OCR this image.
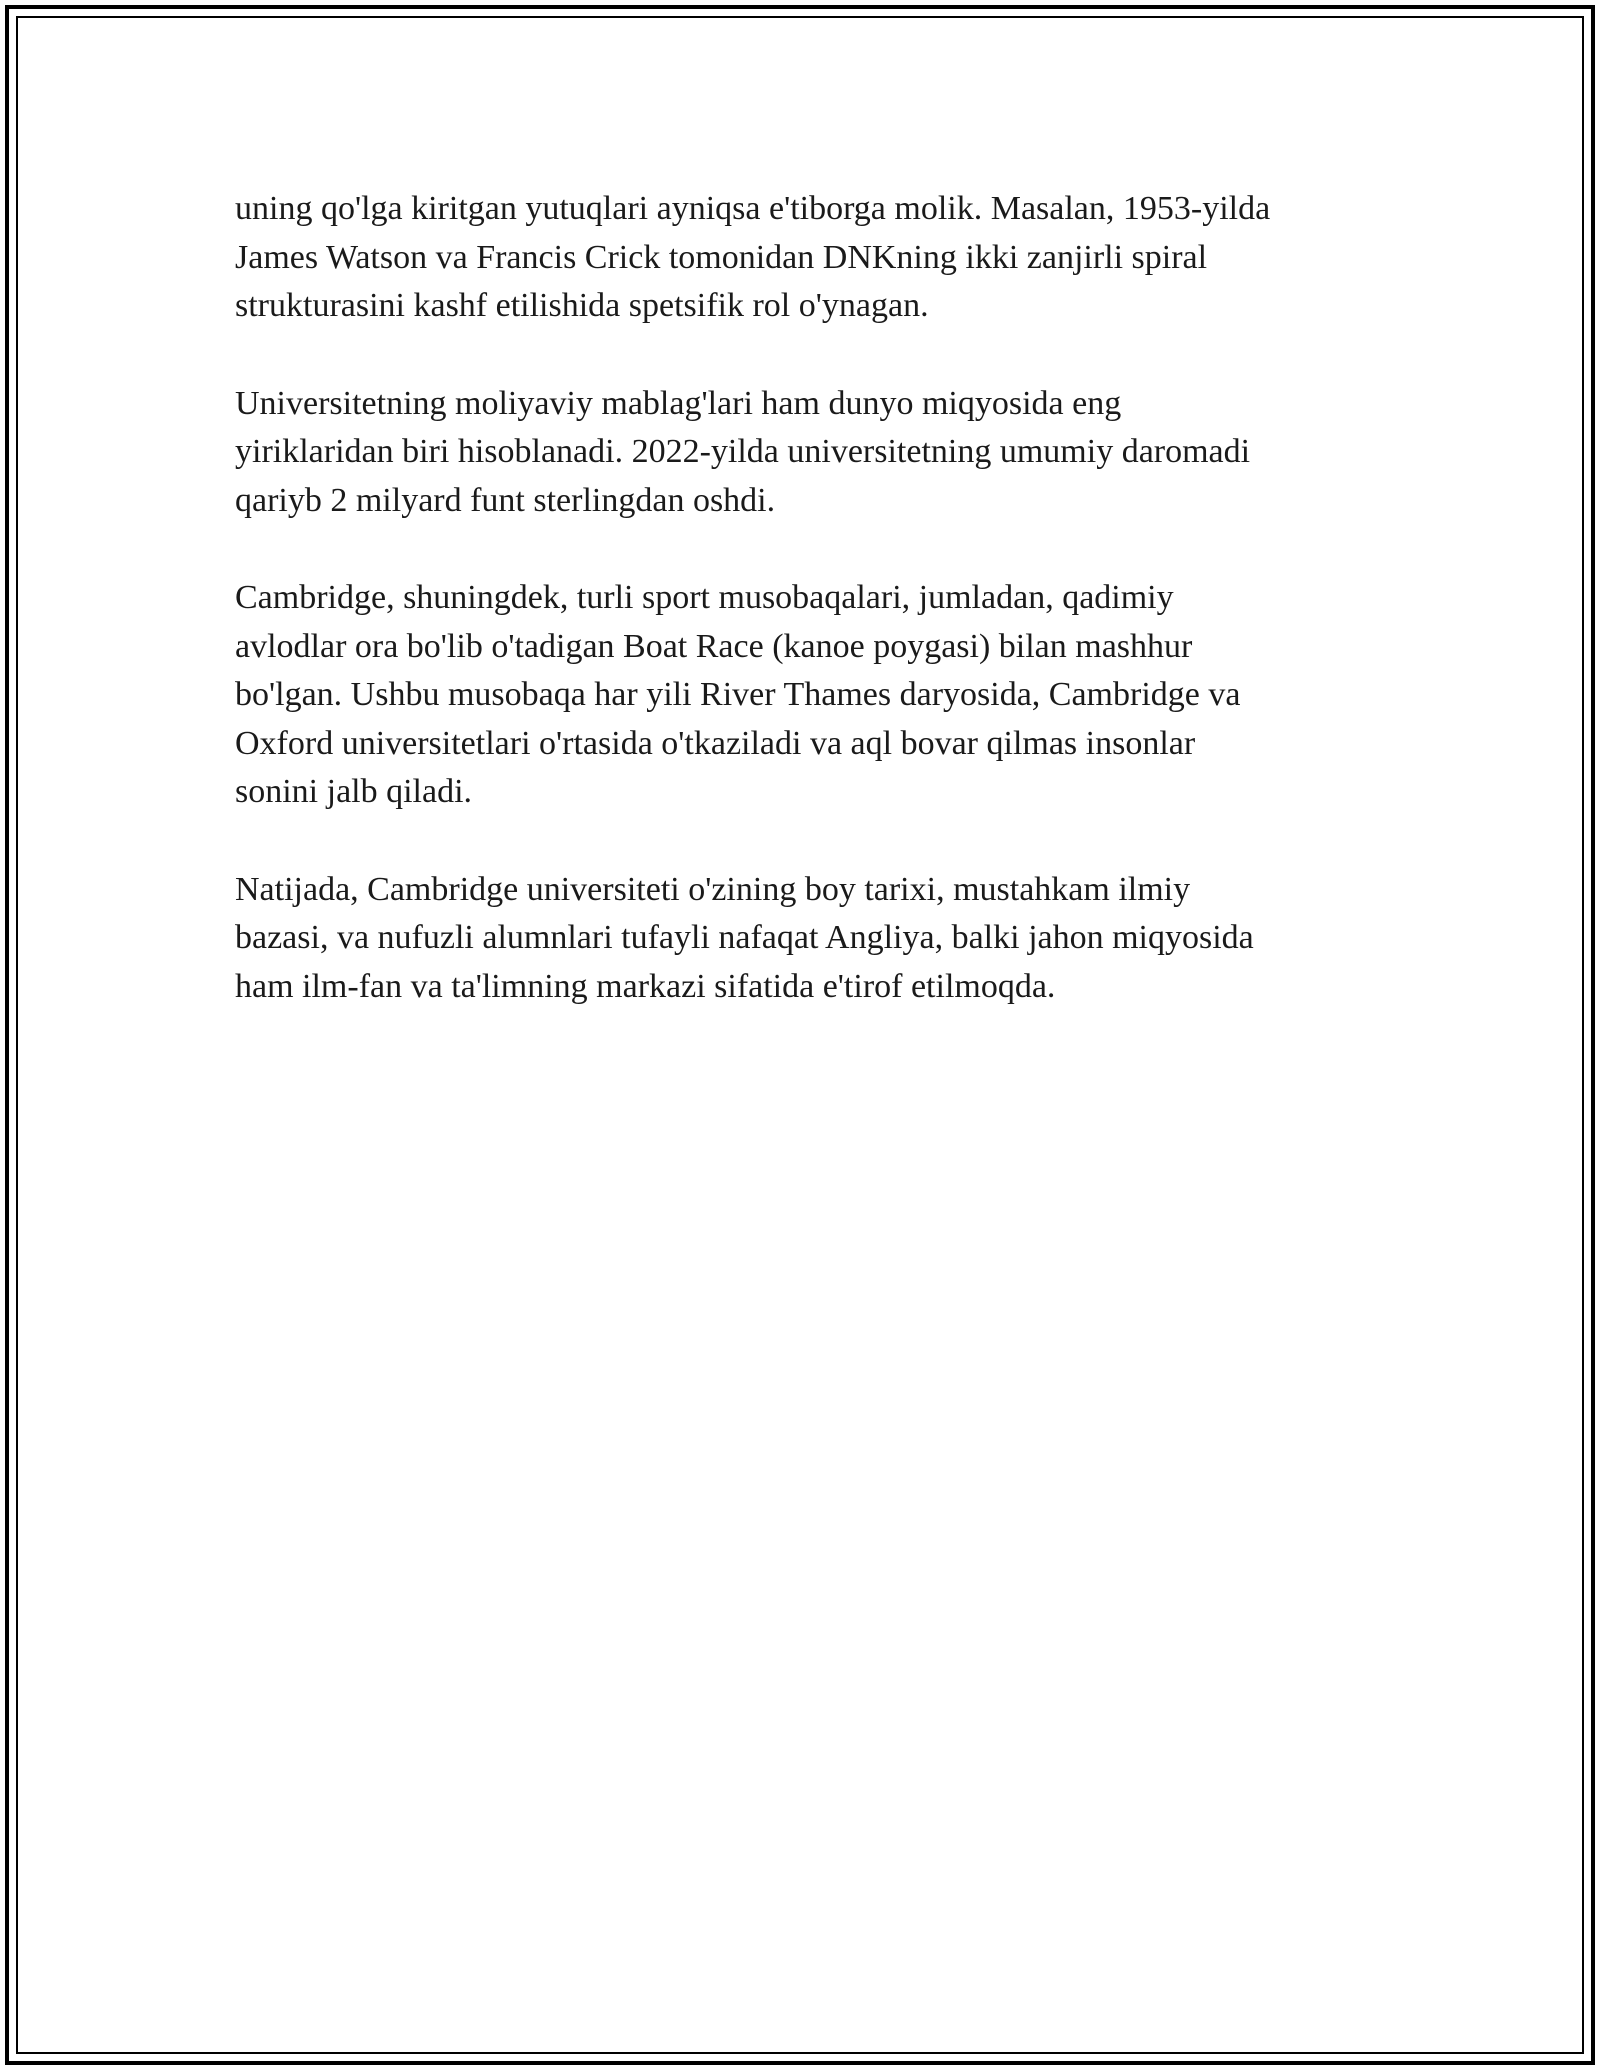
uning qo'lga kiritgan yutuqlari ayniqsa e'tiborga molik. Masalan, 1953-yilda
James Watson va Francis Crick tomonidan DNKning ikki zanjirli spiral
strukturasini kashf etilishida spetsifik rol o'ynagan.

Universitetning moliyaviy mablag'lari ham dunyo miqyosida eng
yiriklaridan biri hisoblanadi. 2022-yilda universitetning umumiy daromadi
qariyb 2 milyard funt sterlingdan oshdi.

Cambridge, shuningdek, turli sport musobaqalari, jumladan, qadimiy
avlodlar ora bo'lib o'tadigan Boat Race (kanoe poygasi) bilan mashhur
bo'lgan. Ushbu musobaqa har yili River Thames daryosida, Cambridge va
Oxford universitetlari o'rtasida o'tkaziladi va aql bovar qilmas insonlar
sonini jalb qiladi.

Natijada, Cambridge universiteti o'zining boy tarixi, mustahkam ilmiy
bazasi, va nufuzli alumnlari tufayli nafaqat Angliya, balki jahon miqyosida
ham ilm-fan va ta'limning markazi sifatida e'tirof etilmoqda.
